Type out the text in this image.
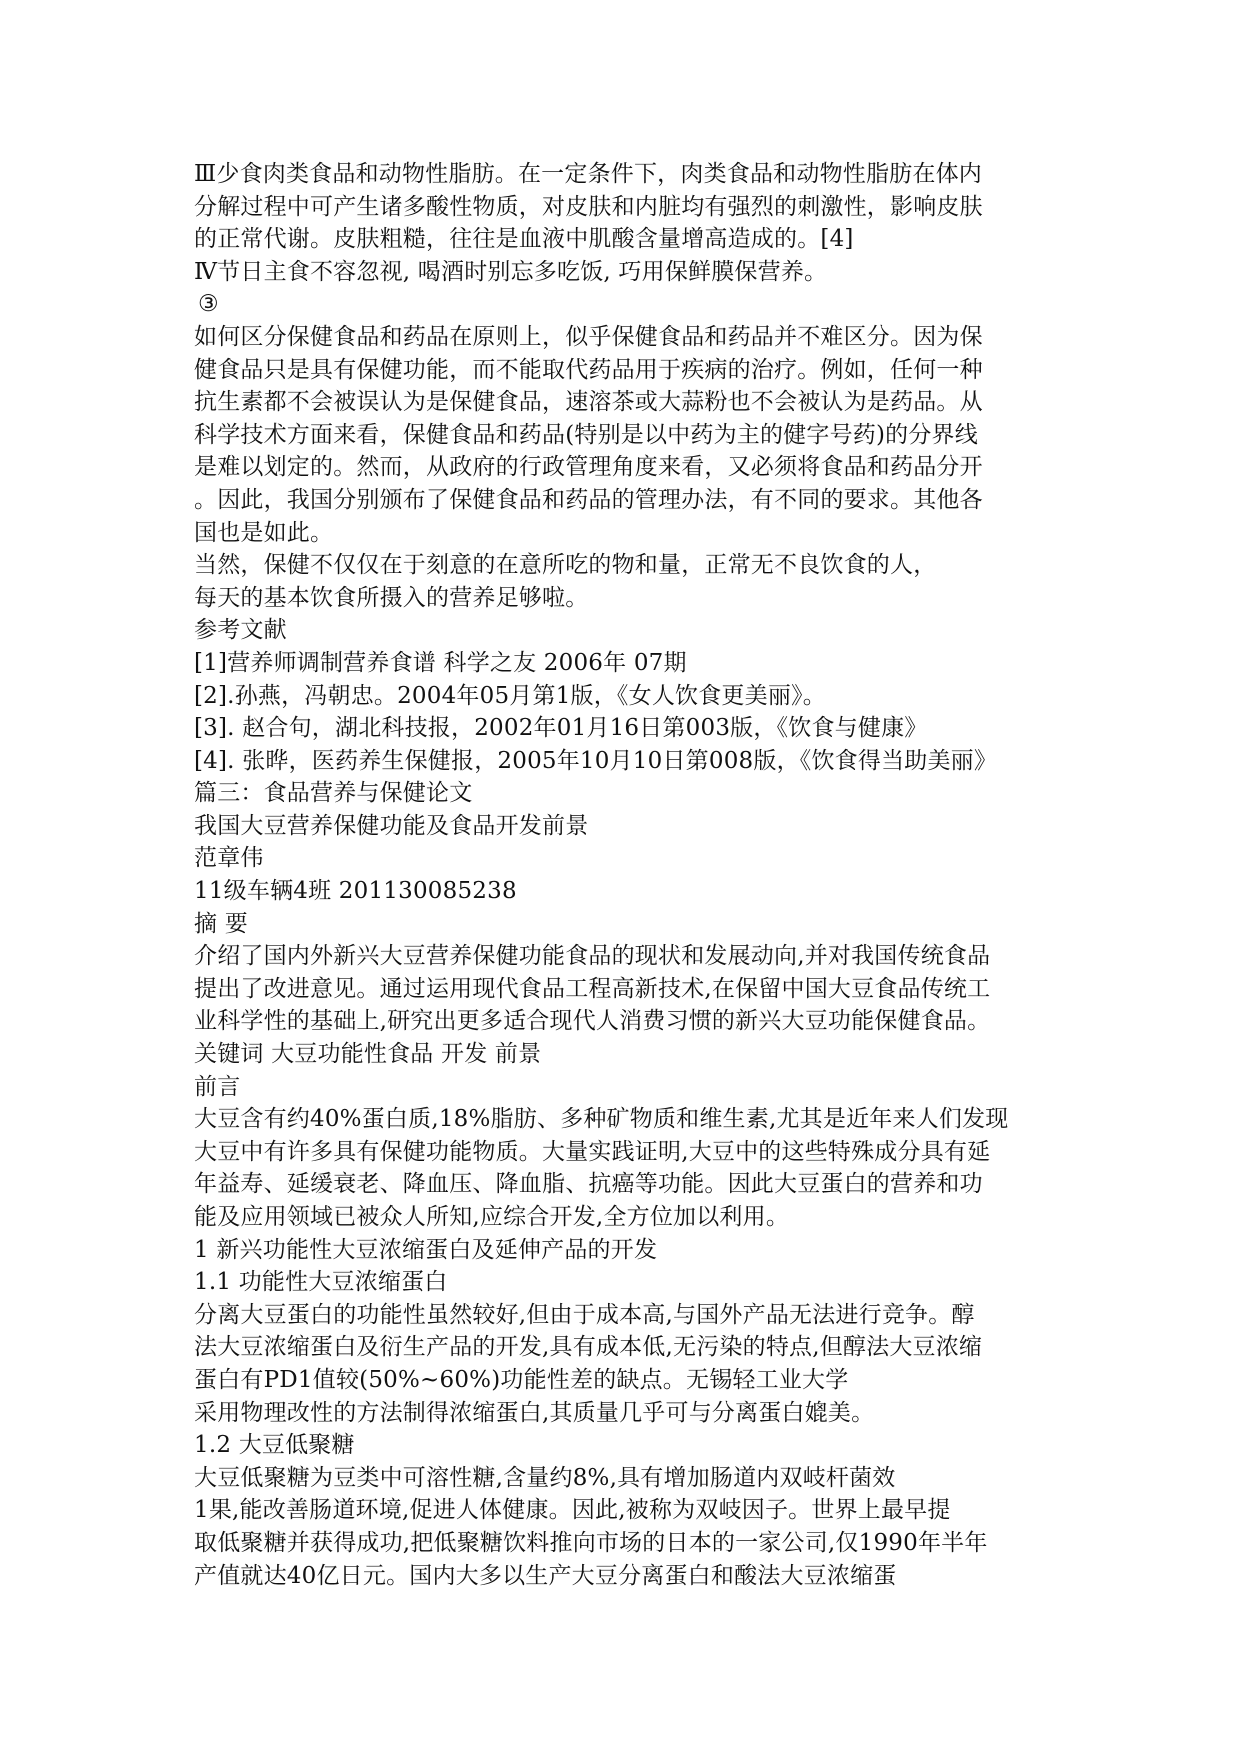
Ⅲ少食肉类食品和动物性脂肪。在一定条件下，肉类食品和动物性脂肪在体内
分解过程中可产生诸多酸性物质，对皮肤和内脏均有强烈的刺激性，影响皮肤
的正常代谢。皮肤粗糙，往往是血液中肌酸含量增高造成的。[4]
Ⅳ节日主食不容忽视, 喝酒时别忘多吃饭, 巧用保鲜膜保营养。
③
如何区分保健食品和药品在原则上，似乎保健食品和药品并不难区分。因为保
健食品只是具有保健功能，而不能取代药品用于疾病的治疗。例如，任何一种
抗生素都不会被误认为是保健食品，速溶茶或大蒜粉也不会被认为是药品。从
科学技术方面来看，保健食品和药品(特别是以中药为主的健字号药)的分界线
是难以划定的。然而，从政府的行政管理角度来看，又必须将食品和药品分开
。因此，我国分别颁布了保健食品和药品的管理办法，有不同的要求。其他各
国也是如此。
当然，保健不仅仅在于刻意的在意所吃的物和量，正常无不良饮食的人，
每天的基本饮食所摄入的营养足够啦。
参考文献
[1]营养师调制营养食谱 科学之友 2006年 07期
[2].孙燕，冯朝忠。2004年05月第1版，《女人饮食更美丽》。
[3]. 赵合句，湖北科技报，2002年01月16日第003版，《饮食与健康》
[4]. 张晔，医药养生保健报，2005年10月10日第008版，《饮食得当助美丽》
篇三：食品营养与保健论文
我国大豆营养保健功能及食品开发前景
范章伟
11级车辆4班 201130085238
摘 要
介绍了国内外新兴大豆营养保健功能食品的现状和发展动向,并对我国传统食品
提出了改进意见。通过运用现代食品工程高新技术,在保留中国大豆食品传统工
业科学性的基础上,研究出更多适合现代人消费习惯的新兴大豆功能保健食品。
关键词 大豆功能性食品 开发 前景
前言
大豆含有约40%蛋白质,18%脂肪、多种矿物质和维生素,尤其是近年来人们发现
大豆中有许多具有保健功能物质。大量实践证明,大豆中的这些特殊成分具有延
年益寿、延缓衰老、降血压、降血脂、抗癌等功能。因此大豆蛋白的营养和功
能及应用领域已被众人所知,应综合开发,全方位加以利用。
1 新兴功能性大豆浓缩蛋白及延伸产品的开发
1.1 功能性大豆浓缩蛋白
分离大豆蛋白的功能性虽然较好,但由于成本高,与国外产品无法进行竞争。醇
法大豆浓缩蛋白及衍生产品的开发,具有成本低,无污染的特点,但醇法大豆浓缩
蛋白有PD1值较(50%~60%)功能性差的缺点。无锡轻工业大学
采用物理改性的方法制得浓缩蛋白,其质量几乎可与分离蛋白媲美。
1.2 大豆低聚糖
大豆低聚糖为豆类中可溶性糖,含量约8%,具有增加肠道内双岐杆菌效
1果,能改善肠道环境,促进人体健康。因此,被称为双岐因子。世界上最早提
取低聚糖并获得成功,把低聚糖饮料推向市场的日本的一家公司,仅1990年半年
产值就达40亿日元。国内大多以生产大豆分离蛋白和酸法大豆浓缩蛋
